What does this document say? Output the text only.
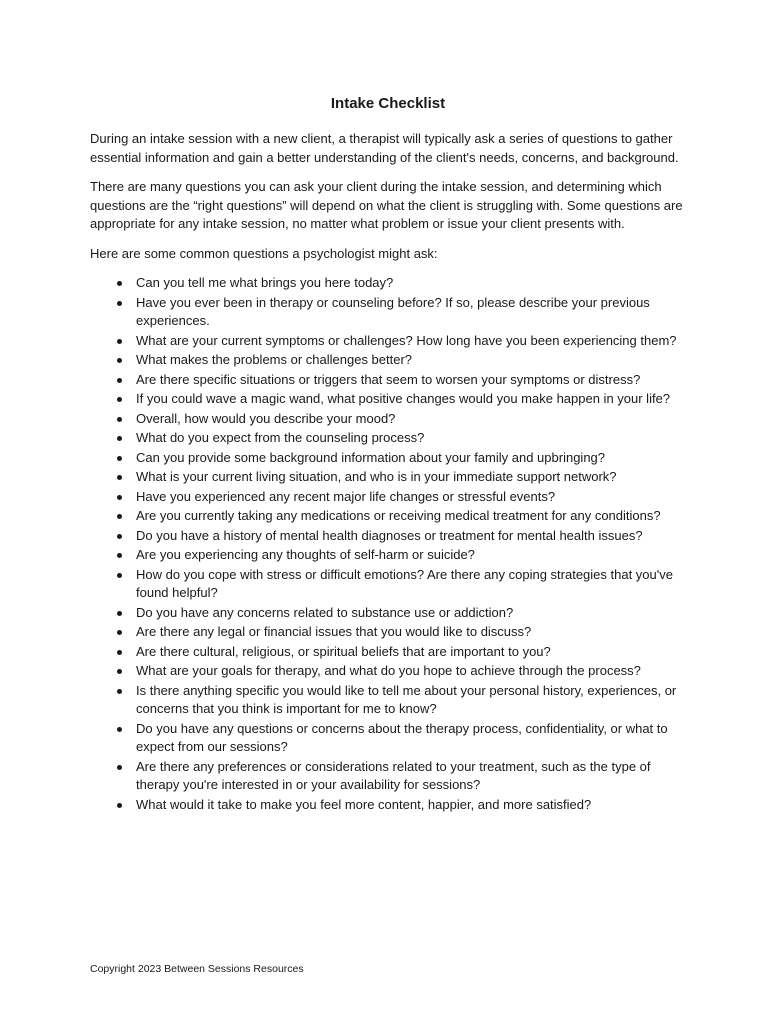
Intake Checklist

During an intake session with a new client, a therapist will typically ask a series of questions to gather essential information and gain a better understanding of the client's needs, concerns, and background.

There are many questions you can ask your client during the intake session, and determining which questions are the “right questions” will depend on what the client is struggling with. Some questions are appropriate for any intake session, no matter what problem or issue your client presents with.

Here are some common questions a psychologist might ask:

Can you tell me what brings you here today?
Have you ever been in therapy or counseling before? If so, please describe your previous experiences.
What are your current symptoms or challenges? How long have you been experiencing them?
What makes the problems or challenges better?
Are there specific situations or triggers that seem to worsen your symptoms or distress?
If you could wave a magic wand, what positive changes would you make happen in your life?
Overall, how would you describe your mood?
What do you expect from the counseling process?
Can you provide some background information about your family and upbringing?
What is your current living situation, and who is in your immediate support network?
Have you experienced any recent major life changes or stressful events?
Are you currently taking any medications or receiving medical treatment for any conditions?
Do you have a history of mental health diagnoses or treatment for mental health issues?
Are you experiencing any thoughts of self-harm or suicide?
How do you cope with stress or difficult emotions? Are there any coping strategies that you've found helpful?
Do you have any concerns related to substance use or addiction?
Are there any legal or financial issues that you would like to discuss?
Are there cultural, religious, or spiritual beliefs that are important to you?
What are your goals for therapy, and what do you hope to achieve through the process?
Is there anything specific you would like to tell me about your personal history, experiences, or concerns that you think is important for me to know?
Do you have any questions or concerns about the therapy process, confidentiality, or what to expect from our sessions?
Are there any preferences or considerations related to your treatment, such as the type of therapy you're interested in or your availability for sessions?
What would it take to make you feel more content, happier, and more satisfied?
Copyright 2023 Between Sessions Resources
